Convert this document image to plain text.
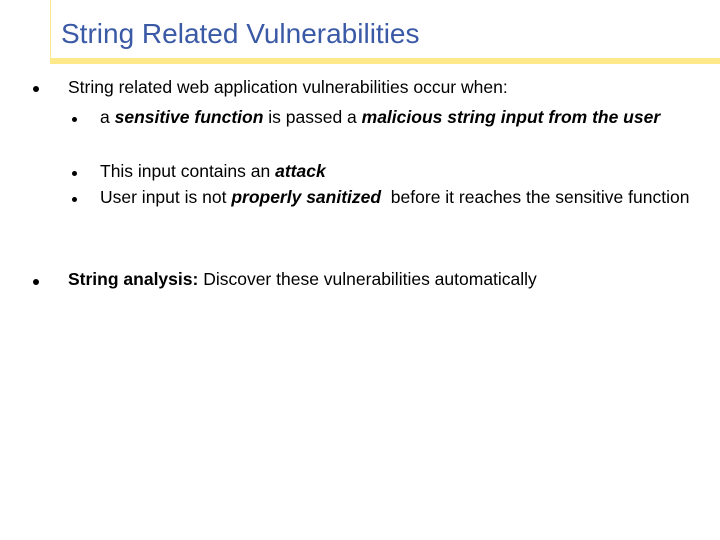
String Related Vulnerabilities
String related web application vulnerabilities occur when:
a sensitive function is passed a malicious string input from the user
This input contains an attack
User input is not properly sanitized  before it reaches the sensitive function
String analysis: Discover these vulnerabilities automatically
